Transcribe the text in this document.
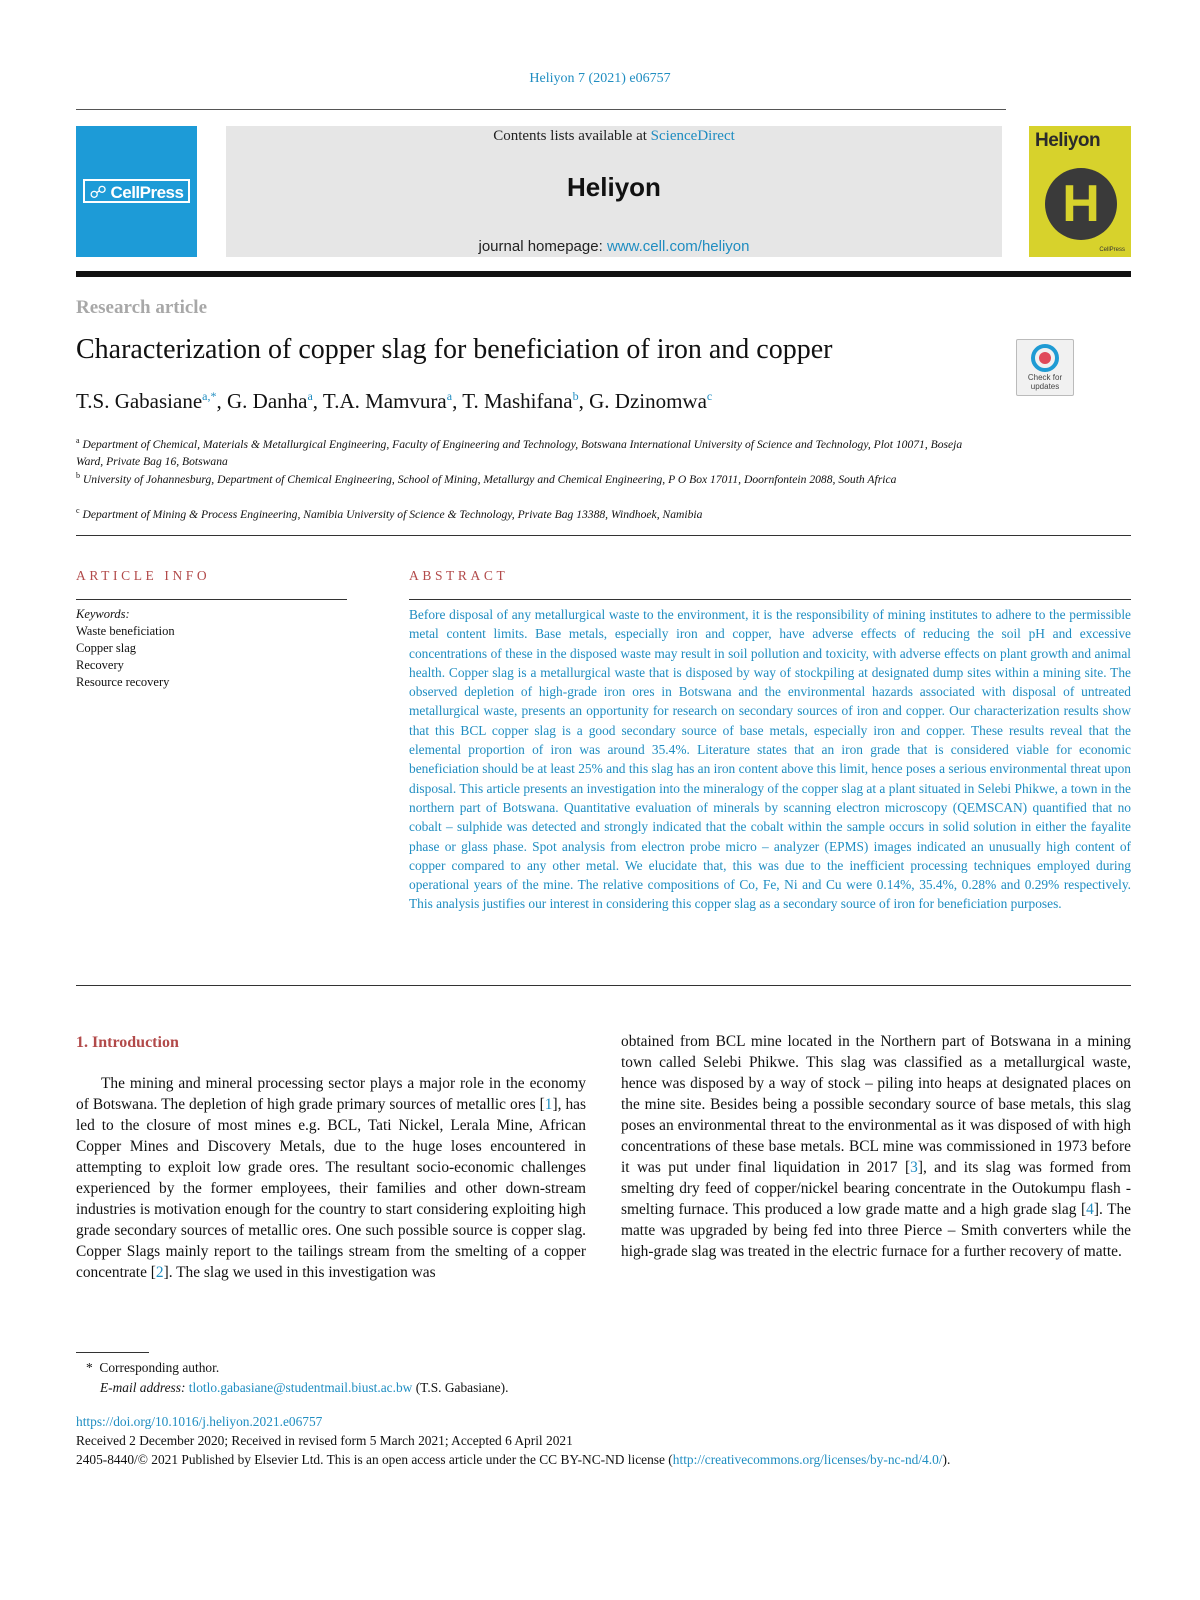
Heliyon 7 (2021) e06757
☍ CellPress
Contents lists available at ScienceDirect
Heliyon
journal homepage: www.cell.com/heliyon
Heliyon
H
CellPress
Research article
Characterization of copper slag for beneficiation of iron and copper
Check for updates
T.S. Gabasiane$^{a,*}$, G. Danha$^a$, T.A. Mamvura$^a$, T. Mashifana$^b$, G. Dzinomwa$^c$
$^a$ Department of Chemical, Materials & Metallurgical Engineering, Faculty of Engineering and Technology, Botswana International University of Science and Technology, Plot 10071, Boseja Ward, Private Bag 16, Botswana
$^b$ University of Johannesburg, Department of Chemical Engineering, School of Mining, Metallurgy and Chemical Engineering, P O Box 17011, Doornfontein 2088, South Africa
$^c$ Department of Mining & Process Engineering, Namibia University of Science & Technology, Private Bag 13388, Windhoek, Namibia
ARTICLE INFO
Keywords:
Waste beneficiation
Copper slag
Recovery
Resource recovery
ABSTRACT
Before disposal of any metallurgical waste to the environment, it is the responsibility of mining institutes to adhere to the permissible metal content limits. Base metals, especially iron and copper, have adverse effects of reducing the soil pH and excessive concentrations of these in the disposed waste may result in soil pollution and toxicity, with adverse effects on plant growth and animal health. Copper slag is a metallurgical waste that is disposed by way of stockpiling at designated dump sites within a mining site. The observed depletion of high-grade iron ores in Botswana and the environmental hazards associated with disposal of untreated metallurgical waste, presents an opportunity for research on secondary sources of iron and copper. Our characterization results show that this BCL copper slag is a good secondary source of base metals, especially iron and copper. These results reveal that the elemental proportion of iron was around 35.4%. Literature states that an iron grade that is considered viable for economic beneficiation should be at least 25% and this slag has an iron content above this limit, hence poses a serious environmental threat upon disposal. This article presents an investigation into the mineralogy of the copper slag at a plant situated in Selebi Phikwe, a town in the northern part of Botswana. Quantitative evaluation of minerals by scanning electron microscopy (QEMSCAN) quantified that no cobalt – sulphide was detected and strongly indicated that the cobalt within the sample occurs in solid solution in either the fayalite phase or glass phase. Spot analysis from electron probe micro – analyzer (EPMS) images indicated an unusually high content of copper compared to any other metal. We elucidate that, this was due to the inefficient processing techniques employed during operational years of the mine. The relative compositions of Co, Fe, Ni and Cu were 0.14%, 35.4%, 0.28% and 0.29% respectively. This analysis justifies our interest in considering this copper slag as a secondary source of iron for beneficiation purposes.
1. Introduction
The mining and mineral processing sector plays a major role in the economy of Botswana. The depletion of high grade primary sources of metallic ores [1], has led to the closure of most mines e.g. BCL, Tati Nickel, Lerala Mine, African Copper Mines and Discovery Metals, due to the huge loses encountered in attempting to exploit low grade ores. The resultant socio-economic challenges experienced by the former employees, their families and other down-stream industries is motivation enough for the country to start considering exploiting high grade secondary sources of metallic ores. One such possible source is copper slag. Copper Slags mainly report to the tailings stream from the smelting of a copper concentrate [2]. The slag we used in this investigation was
obtained from BCL mine located in the Northern part of Botswana in a mining town called Selebi Phikwe. This slag was classified as a metallurgical waste, hence was disposed by a way of stock – piling into heaps at designated places on the mine site. Besides being a possible secondary source of base metals, this slag poses an environmental threat to the environmental as it was disposed of with high concentrations of these base metals. BCL mine was commissioned in 1973 before it was put under final liquidation in 2017 [3], and its slag was formed from smelting dry feed of copper/nickel bearing concentrate in the Outokumpu flash - smelting furnace. This produced a low grade matte and a high grade slag [4]. The matte was upgraded by being fed into three Pierce – Smith converters while the high-grade slag was treated in the electric furnace for a further recovery of matte.
* Corresponding author.
E-mail address: tlotlo.gabasiane@studentmail.biust.ac.bw (T.S. Gabasiane).
https://doi.org/10.1016/j.heliyon.2021.e06757
Received 2 December 2020; Received in revised form 5 March 2021; Accepted 6 April 2021
2405-8440/© 2021 Published by Elsevier Ltd. This is an open access article under the CC BY-NC-ND license (http://creativecommons.org/licenses/by-nc-nd/4.0/).
